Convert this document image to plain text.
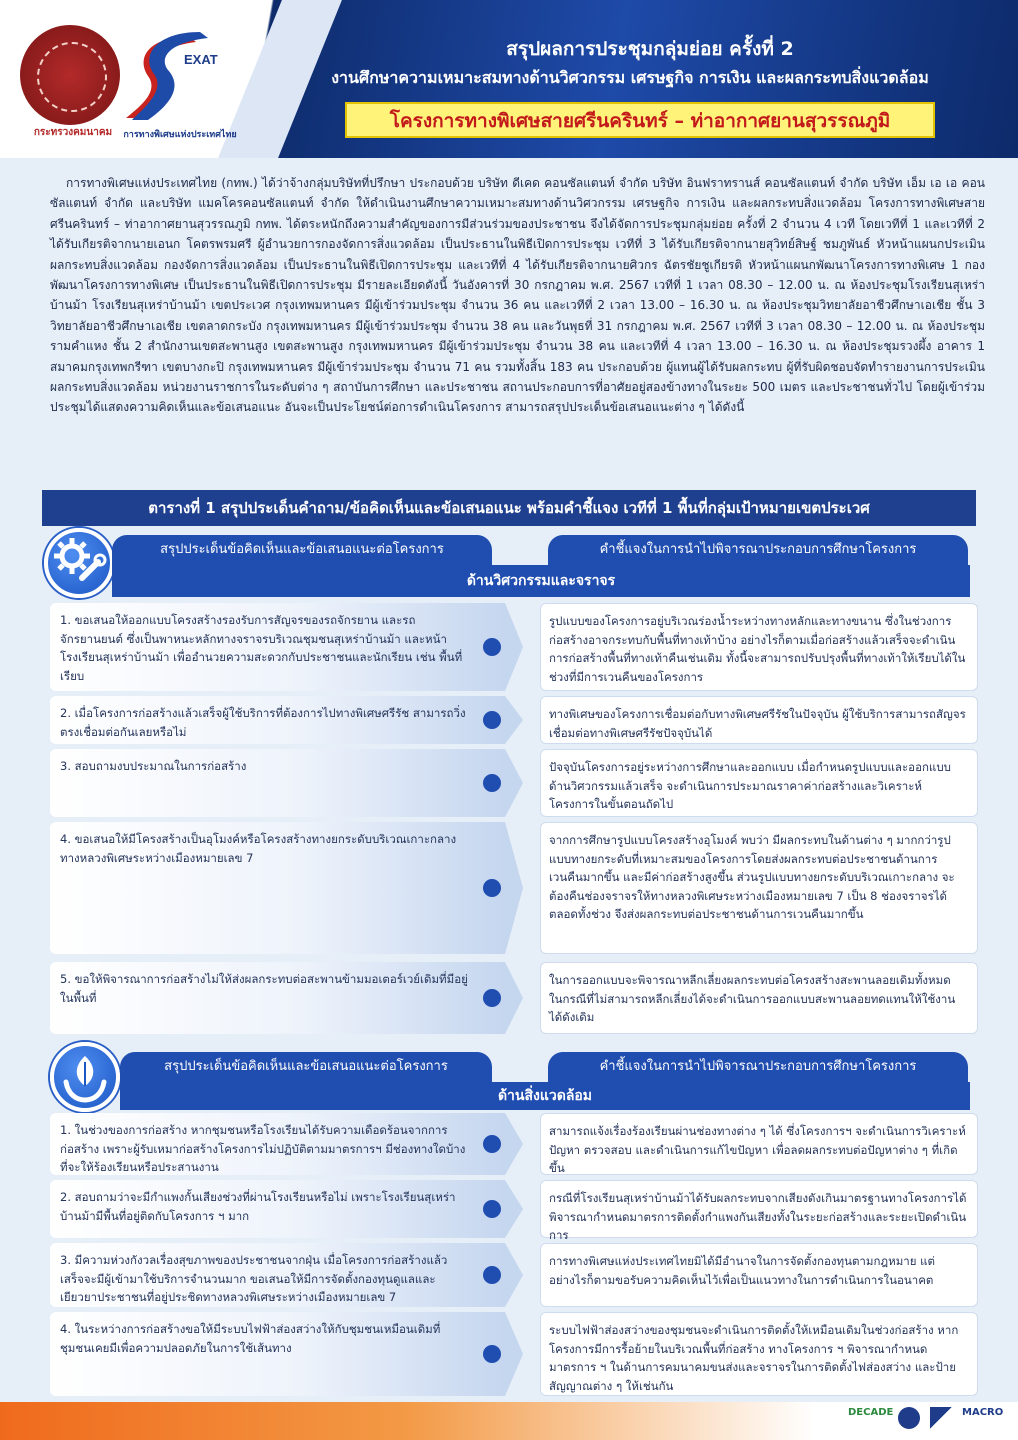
กระทรวงคมนาคม
EXAT
การทางพิเศษแห่งประเทศไทย
สรุปผลการประชุมกลุ่มย่อย ครั้งที่ 2
งานศึกษาความเหมาะสมทางด้านวิศวกรรม เศรษฐกิจ การเงิน และผลกระทบสิ่งแวดล้อม
โครงการทางพิเศษสายศรีนครินทร์ – ท่าอากาศยานสุวรรณภูมิ
การทางพิเศษแห่งประเทศไทย (กทพ.) ได้ว่าจ้างกลุ่มบริษัทที่ปรึกษา ประกอบด้วย บริษัท ดีเคด คอนซัลแตนท์ จำกัด บริษัท อินฟราทรานส์ คอนซัลแตนท์ จำกัด บริษัท เอ็ม เอ เอ คอนซัลแตนท์ จำกัด และบริษัท แมคโครคอนซัลแตนท์ จำกัด ให้ดำเนินงานศึกษาความเหมาะสมทางด้านวิศวกรรม เศรษฐกิจ การเงิน และผลกระทบสิ่งแวดล้อม โครงการทางพิเศษสายศรีนครินทร์ – ท่าอากาศยานสุวรรณภูมิ กทพ. ได้ตระหนักถึงความสำคัญของการมีส่วนร่วมของประชาชน จึงได้จัดการประชุมกลุ่มย่อย ครั้งที่ 2 จำนวน 4 เวที โดยเวทีที่ 1 และเวทีที่ 2 ได้รับเกียรติจากนายเอนก โคตรพรมศรี ผู้อำนวยการกองจัดการสิ่งแวดล้อม เป็นประธานในพิธีเปิดการประชุม เวทีที่ 3 ได้รับเกียรติจากนายสุวิทย์สิษฐ์ ชมภูพันธ์ หัวหน้าแผนกประเมินผลกระทบสิ่งแวดล้อม กองจัดการสิ่งแวดล้อม เป็นประธานในพิธีเปิดการประชุม และเวทีที่ 4 ได้รับเกียรติจากนายศิวกร ฉัตรชัยชูเกียรติ หัวหน้าแผนกพัฒนาโครงการทางพิเศษ 1 กองพัฒนาโครงการทางพิเศษ เป็นประธานในพิธีเปิดการประชุม มีรายละเอียดดังนี้ วันอังคารที่ 30 กรกฎาคม พ.ศ. 2567 เวทีที่ 1 เวลา 08.30 – 12.00 น. ณ ห้องประชุมโรงเรียนสุเหร่าบ้านม้า โรงเรียนสุเหร่าบ้านม้า เขตประเวศ กรุงเทพมหานคร มีผู้เข้าร่วมประชุม จำนวน 36 คน และเวทีที่ 2 เวลา 13.00 – 16.30 น. ณ ห้องประชุมวิทยาลัยอาชีวศึกษาเอเชีย ชั้น 3 วิทยาลัยอาชีวศึกษาเอเชีย เขตลาดกระบัง กรุงเทพมหานคร มีผู้เข้าร่วมประชุม จำนวน 38 คน และวันพุธที่ 31 กรกฎาคม พ.ศ. 2567 เวทีที่ 3 เวลา 08.30 – 12.00 น. ณ ห้องประชุมรามคำแหง ชั้น 2 สำนักงานเขตสะพานสูง เขตสะพานสูง กรุงเทพมหานคร มีผู้เข้าร่วมประชุม จำนวน 38 คน และเวทีที่ 4 เวลา 13.00 – 16.30 น. ณ ห้องประชุมรวงผึ้ง อาคาร 1 สมาคมกรุงเทพกรีฑา เขตบางกะปิ กรุงเทพมหานคร มีผู้เข้าร่วมประชุม จำนวน 71 คน รวมทั้งสิ้น 183 คน ประกอบด้วย ผู้แทนผู้ได้รับผลกระทบ ผู้ที่รับผิดชอบจัดทำรายงานการประเมินผลกระทบสิ่งแวดล้อม หน่วยงานราชการในระดับต่าง ๆ สถาบันการศึกษา และประชาชน สถานประกอบการที่อาศัยอยู่สองข้างทางในระยะ 500 เมตร และประชาชนทั่วไป โดยผู้เข้าร่วมประชุมได้แสดงความคิดเห็นและข้อเสนอแนะ อันจะเป็นประโยชน์ต่อการดำเนินโครงการ สามารถสรุปประเด็นข้อเสนอแนะต่าง ๆ ได้ดังนี้
ตารางที่ 1 สรุปประเด็นคำถาม/ข้อคิดเห็นและข้อเสนอแนะ พร้อมคำชี้แจง เวทีที่ 1 พื้นที่กลุ่มเป้าหมายเขตประเวศ
สรุปประเด็นข้อคิดเห็นและข้อเสนอแนะต่อโครงการ	คำชี้แจงในการนำไปพิจารณาประกอบการศึกษาโครงการ
ด้านวิศวกรรมและจราจร
1. ขอเสนอให้ออกแบบโครงสร้างรองรับการสัญจรของรถจักรยาน และรถจักรยานยนต์ ซึ่งเป็นพาหนะหลักทางจราจรบริเวณชุมชนสุเหร่าบ้านม้า และหน้าโรงเรียนสุเหร่าบ้านม้า เพื่ออำนวยความสะดวกกับประชาชนและนักเรียน เช่น พื้นที่เรียบ
รูปแบบของโครงการอยู่บริเวณร่องน้ำระหว่างทางหลักและทางขนาน ซึ่งในช่วงการก่อสร้างอาจกระทบกับพื้นที่ทางเท้าบ้าง อย่างไรก็ตามเมื่อก่อสร้างแล้วเสร็จจะดำเนินการก่อสร้างพื้นที่ทางเท้าคืนเช่นเดิม ทั้งนี้จะสามารถปรับปรุงพื้นที่ทางเท้าให้เรียบได้ในช่วงที่มีการเวนคืนของโครงการ
2. เมื่อโครงการก่อสร้างแล้วเสร็จผู้ใช้บริการที่ต้องการไปทางพิเศษศรีรัช สามารถวิ่งตรงเชื่อมต่อกันเลยหรือไม่
ทางพิเศษของโครงการเชื่อมต่อกับทางพิเศษศรีรัชในปัจจุบัน ผู้ใช้บริการสามารถสัญจรเชื่อมต่อทางพิเศษศรีรัชปัจจุบันได้
3. สอบถามงบประมาณในการก่อสร้าง	ปัจจุบันโครงการอยู่ระหว่างการศึกษาและออกแบบ เมื่อกำหนดรูปแบบและออกแบบด้านวิศวกรรมแล้วเสร็จ จะดำเนินการประมาณราคาค่าก่อสร้างและวิเคราะห์โครงการในขั้นตอนถัดไป
4. ขอเสนอให้มีโครงสร้างเป็นอุโมงค์หรือโครงสร้างทางยกระดับบริเวณเกาะกลางทางหลวงพิเศษระหว่างเมืองหมายเลข 7
จากการศึกษารูปแบบโครงสร้างอุโมงค์ พบว่า มีผลกระทบในด้านต่าง ๆ มากกว่ารูปแบบทางยกระดับที่เหมาะสมของโครงการโดยส่งผลกระทบต่อประชาชนด้านการเวนคืนมากขึ้น และมีค่าก่อสร้างสูงขึ้น ส่วนรูปแบบทางยกระดับบริเวณเกาะกลาง จะต้องคืนช่องจราจรให้ทางหลวงพิเศษระหว่างเมืองหมายเลข 7 เป็น 8 ช่องจราจรได้ตลอดทั้งช่วง จึงส่งผลกระทบต่อประชาชนด้านการเวนคืนมากขึ้น
5. ขอให้พิจารณาการก่อสร้างไม่ให้ส่งผลกระทบต่อสะพานข้ามมอเตอร์เวย์เดิมที่มีอยู่ในพื้นที่
ในการออกแบบจะพิจารณาหลีกเลี่ยงผลกระทบต่อโครงสร้างสะพานลอยเดิมทั้งหมด ในกรณีที่ไม่สามารถหลีกเลี่ยงได้จะดำเนินการออกแบบสะพานลอยทดแทนให้ใช้งานได้ดังเดิม
สรุปประเด็นข้อคิดเห็นและข้อเสนอแนะต่อโครงการ	คำชี้แจงในการนำไปพิจารณาประกอบการศึกษาโครงการ
ด้านสิ่งแวดล้อม
1. ในช่วงของการก่อสร้าง หากชุมชนหรือโรงเรียนได้รับความเดือดร้อนจากการก่อสร้าง เพราะผู้รับเหมาก่อสร้างโครงการไม่ปฏิบัติตามมาตรการฯ มีช่องทางใดบ้างที่จะให้ร้องเรียนหรือประสานงาน
สามารถแจ้งเรื่องร้องเรียนผ่านช่องทางต่าง ๆ ได้ ซึ่งโครงการฯ จะดำเนินการวิเคราะห์ปัญหา ตรวจสอบ และดำเนินการแก้ไขปัญหา เพื่อลดผลกระทบต่อปัญหาต่าง ๆ ที่เกิดขึ้น
2. สอบถามว่าจะมีกำแพงกั้นเสียงช่วงที่ผ่านโรงเรียนหรือไม่ เพราะโรงเรียนสุเหร่าบ้านม้ามีพื้นที่อยู่ติดกับโครงการ ฯ มาก
กรณีที่โรงเรียนสุเหร่าบ้านม้าได้รับผลกระทบจากเสียงดังเกินมาตรฐานทางโครงการได้พิจารณากำหนดมาตรการติดตั้งกำแพงกันเสียงทั้งในระยะก่อสร้างและระยะเปิดดำเนินการ
3. มีความห่วงกังวลเรื่องสุขภาพของประชาชนจากฝุ่น เมื่อโครงการก่อสร้างแล้วเสร็จจะมีผู้เข้ามาใช้บริการจำนวนมาก ขอเสนอให้มีการจัดตั้งกองทุนดูแลและเยียวยาประชาชนที่อยู่ประชิดทางหลวงพิเศษระหว่างเมืองหมายเลข 7
การทางพิเศษแห่งประเทศไทยมิได้มีอำนาจในการจัดตั้งกองทุนตามกฎหมาย แต่อย่างไรก็ตามขอรับความคิดเห็นไว้เพื่อเป็นแนวทางในการดำเนินการในอนาคต
4. ในระหว่างการก่อสร้างขอให้มีระบบไฟฟ้าส่องสว่างให้กับชุมชนเหมือนเดิมที่ชุมชนเคยมีเพื่อความปลอดภัยในการใช้เส้นทาง
ระบบไฟฟ้าส่องสว่างของชุมชนจะดำเนินการติดตั้งให้เหมือนเดิมในช่วงก่อสร้าง หากโครงการมีการรื้อย้ายในบริเวณพื้นที่ก่อสร้าง ทางโครงการ ฯ พิจารณากำหนดมาตรการ ฯ ในด้านการคมนาคมขนส่งและจราจรในการติดตั้งไฟส่องสว่าง และป้ายสัญญาณต่าง ๆ ให้เช่นกัน
DECADE	MACRO
